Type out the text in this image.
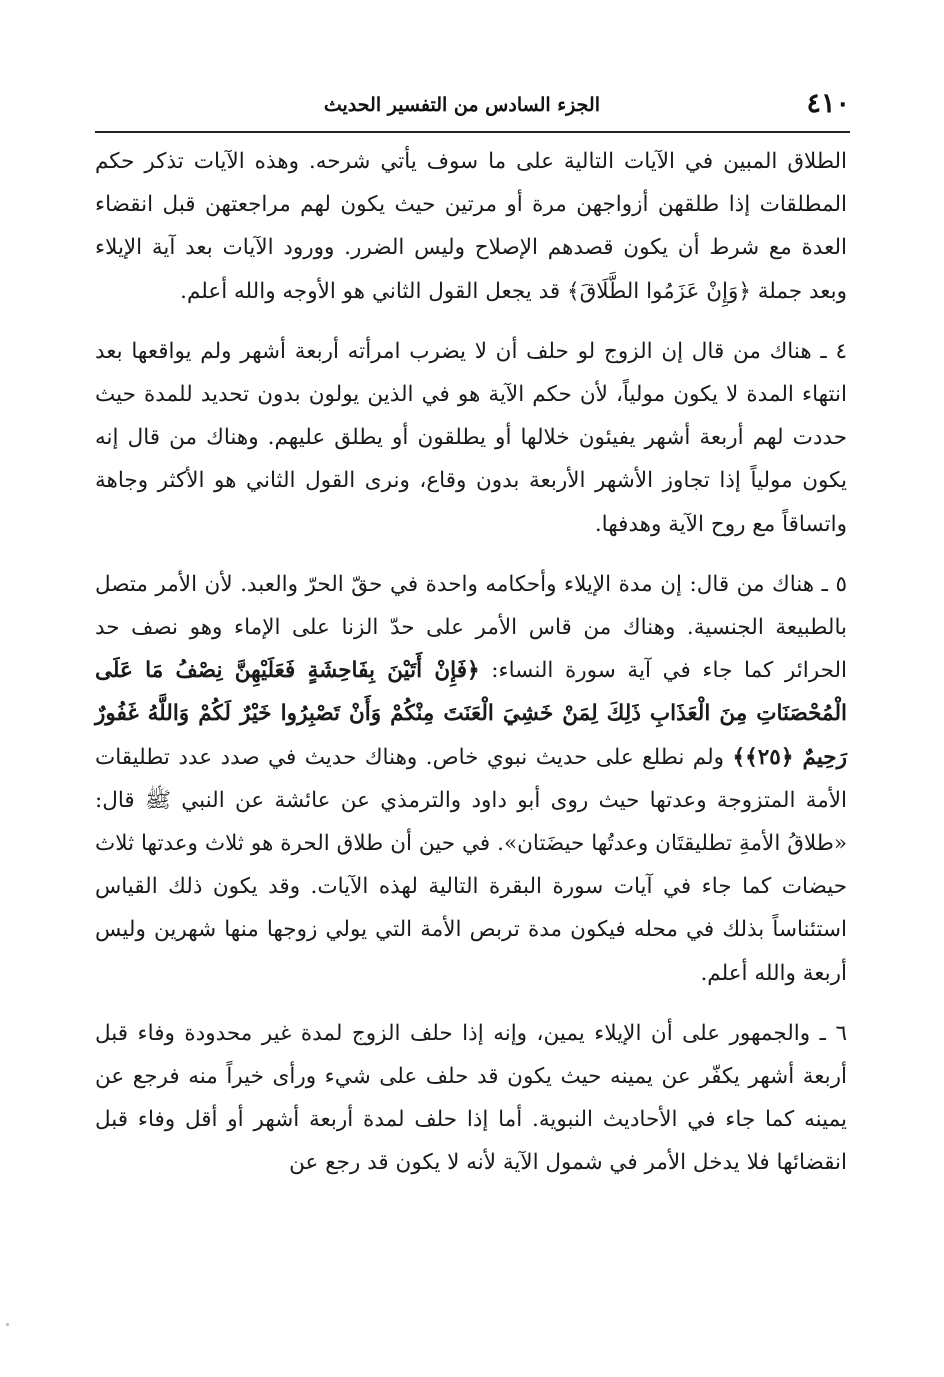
٤١٠
الجزء السادس من التفسير الحديث

الطلاق المبين في الآيات التالية على ما سوف يأتي شرحه. وهذه الآيات تذكر حكم المطلقات إذا طلقهن أزواجهن مرة أو مرتين حيث يكون لهم مراجعتهن قبل انقضاء العدة مع شرط أن يكون قصدهم الإصلاح وليس الضرر. وورود الآيات بعد آية الإيلاء وبعد جملة ﴿وَإِنْ عَزَمُوا الطَّلَاقَ﴾ قد يجعل القول الثاني هو الأوجه والله أعلم.

٤ ـ هناك من قال إن الزوج لو حلف أن لا يضرب امرأته أربعة أشهر ولم يواقعها بعد انتهاء المدة لا يكون مولياً، لأن حكم الآية هو في الذين يولون بدون تحديد للمدة حيث حددت لهم أربعة أشهر يفيئون خلالها أو يطلقون أو يطلق عليهم. وهناك من قال إنه يكون مولياً إذا تجاوز الأشهر الأربعة بدون وقاع، ونرى القول الثاني هو الأكثر وجاهة واتساقاً مع روح الآية وهدفها.

٥ ـ هناك من قال: إن مدة الإيلاء وأحكامه واحدة في حقّ الحرّ والعبد. لأن الأمر متصل بالطبيعة الجنسية. وهناك من قاس الأمر على حدّ الزنا على الإماء وهو نصف حد الحرائر كما جاء في آية سورة النساء: ﴿فَإِنْ أَتَيْنَ بِفَاحِشَةٍ فَعَلَيْهِنَّ نِصْفُ مَا عَلَى الْمُحْصَنَاتِ مِنَ الْعَذَابِ ذَلِكَ لِمَنْ خَشِيَ الْعَنَتَ مِنْكُمْ وَأَنْ تَصْبِرُوا خَيْرٌ لَكُمْ وَاللَّهُ غَفُورٌ رَحِيمٌ ﴿٢٥﴾﴾ ولم نطلع على حديث نبوي خاص. وهناك حديث في صدد عدد تطليقات الأمة المتزوجة وعدتها حيث روى أبو داود والترمذي عن عائشة عن النبي ﷺ قال: «طلاقُ الأمةِ تطليقتَان وعدتُها حيضَتان». في حين أن طلاق الحرة هو ثلاث وعدتها ثلاث حيضات كما جاء في آيات سورة البقرة التالية لهذه الآيات. وقد يكون ذلك القياس استئناساً بذلك في محله فيكون مدة تربص الأمة التي يولي زوجها منها شهرين وليس أربعة والله أعلم.

٦ ـ والجمهور على أن الإيلاء يمين، وإنه إذا حلف الزوج لمدة غير محدودة وفاء قبل أربعة أشهر يكفّر عن يمينه حيث يكون قد حلف على شيء ورأى خيراً منه فرجع عن يمينه كما جاء في الأحاديث النبوية. أما إذا حلف لمدة أربعة أشهر أو أقل وفاء قبل انقضائها فلا يدخل الأمر في شمول الآية لأنه لا يكون قد رجع عن
